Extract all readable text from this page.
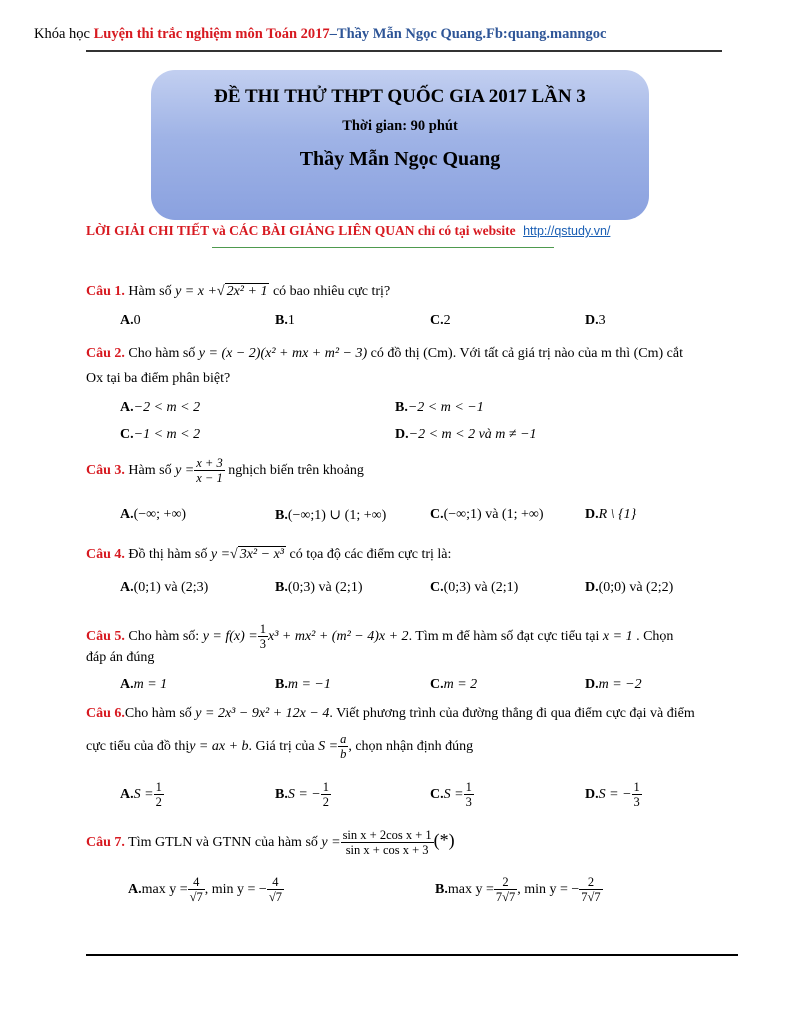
Khóa học Luyện thi trắc nghiệm môn Toán 2017–Thầy Mẫn Ngọc Quang.Fb:quang.manngoc
ĐỀ THI THỬ THPT QUỐC GIA 2017 LẦN 3
Thời gian: 90 phút
Thầy Mẫn Ngọc Quang
LỜI GIẢI CHI TIẾT và CÁC BÀI GIẢNG LIÊN QUAN chỉ có tại website http://qstudy.vn/
Câu 1. Hàm số y = x +√ 2x² + 1 có bao nhiêu cực trị?
A.0	B.1	C.2	D.3
Câu 2. Cho hàm số y = (x − 2)(x² + mx + m² − 3) có đồ thị (Cm). Với tất cả giá trị nào của m thì (Cm) cắt
Ox tại ba điểm phân biệt?
A.−2 < m < 2	B.−2 < m < −1
C.−1 < m < 2	D.−2 < m < 2 và m ≠ −1
Câu 3. Hàm số $y = \frac{x + 3}{x - 1}$ nghịch biến trên khoảng
A.(−∞; +∞)	B.(−∞;1) ∪ (1; +∞)	C.(−∞;1) và (1; +∞)	D.R \ {1}
Câu 4. Đồ thị hàm số y =√ 3x² − x³ có tọa độ các điểm cực trị là:
A.(0;1) và (2;3)	B.(0;3) và (2;1)	C.(0;3) và (2;1)	D.(0;0) và (2;2)
Câu 5. Cho hàm số: $y = f(x) = \frac{1}{3} x^3 + mx^2 + (m^2 - 4)x + 2$. Tìm m để hàm số đạt cực tiểu tại x = 1 . Chọn
đáp án đúng
A.m = 1	B.m = −1	C.m = 2	D.m = −2
Câu 6.Cho hàm số y = 2x³ − 9x² + 12x − 4. Viết phương trình của đường thẳng đi qua điểm cực đại và điểm
cực tiểu của đồ thịy = ax + b. Giá trị của $S = \frac{a}{b}$ , chọn nhận định đúng
$A.S = \frac{1}{2}$	B.S = − $\frac{1}{2}$	$C.S = \frac{1}{3}$	D.S = − $\frac{1}{3}$
Câu 7. Tìm GTLN và GTNN của hàm số $y = \frac{\text{sin x + 2cos x + 1}}{\text{sin x + cos x + 3}}$ (*)
A.max $y = \frac{4}{√7}$ , min y = − $\frac{4}{√7}$	B.max $y = \frac{2}{7√7}$ , min y = − $\frac{2}{7√7}$
